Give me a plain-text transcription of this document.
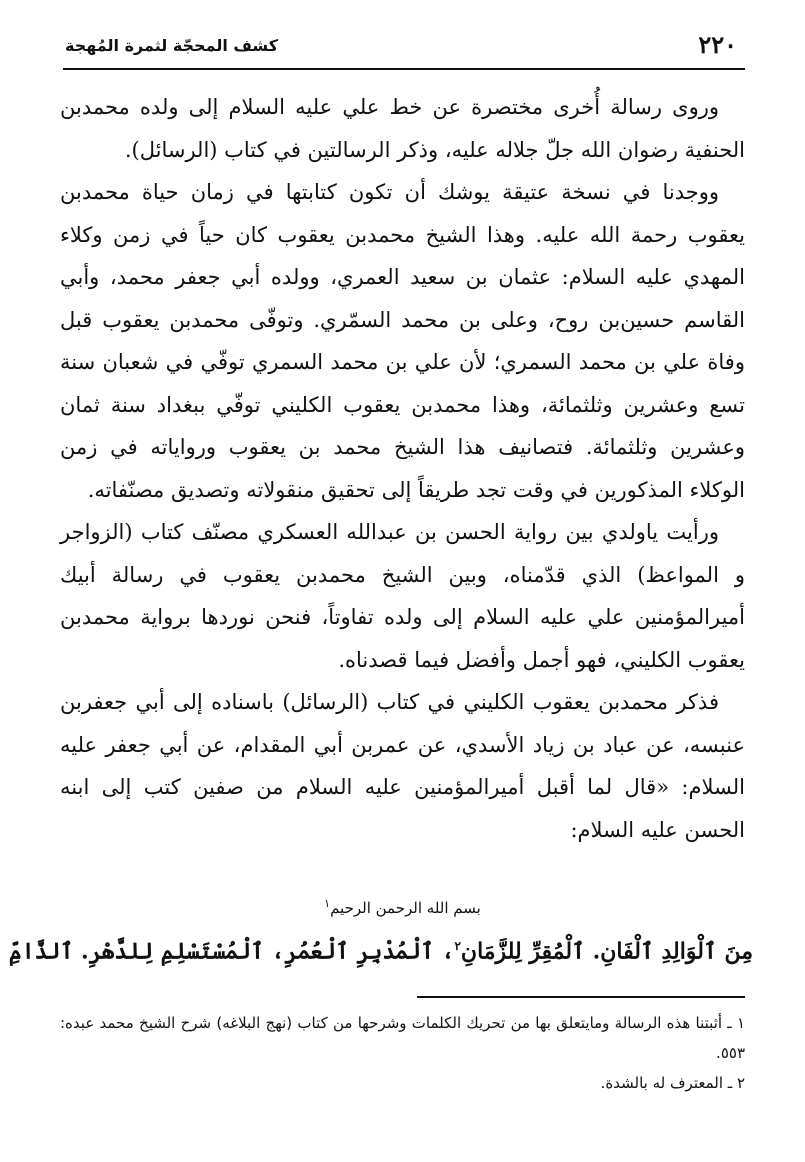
٢٢٠
كشف المحجّة لثمرة المُهجة

وروى رسالة أُخرى مختصرة عن خط علي عليه السلام إلى ولده محمدبن الحنفية رضوان الله جلّ جلاله عليه، وذكر الرسالتين في كتاب (الرسائل).

ووجدنا في نسخة عتيقة يوشك أن تكون كتابتها في زمان حياة محمدبن يعقوب رحمة الله عليه. وهذا الشيخ محمدبن يعقوب كان حياً في زمن وكلاء المهدي عليه السلام: عثمان بن سعيد العمري، وولده أبي جعفر محمد، وأبي القاسم حسين‌بن روح، وعلى بن محمد السمّري. وتوفّى محمدبن يعقوب قبل وفاة علي بن محمد السمري؛ لأن علي بن محمد السمري توفّي في شعبان سنة تسع وعشرين وثلثمائة، وهذا محمدبن يعقوب الكليني توفّي ببغداد سنة ثمان وعشرين وثلثمائة. فتصانيف هذا الشيخ محمد بن يعقوب ورواياته في زمن الوكلاء المذكورين في وقت تجد طريقاً إلى تحقيق منقولاته وتصديق مصنّفاته.

ورأيت ياولدي بين رواية الحسن بن عبدالله العسكري مصنّف كتاب (الزواجر و المواعظ) الذي قدّمناه، وبين الشيخ محمدبن يعقوب في رسالة أبيك أميرالمؤمنين علي عليه السلام إلى ولده تفاوتاً، فنحن نوردها برواية محمدبن يعقوب الكليني، فهو أجمل وأفضل فيما قصدناه.

فذكر محمدبن يعقوب الكليني في كتاب (الرسائل) باسناده إلى أبي جعفربن عنبسه، عن عباد بن زياد الأسدي، عن عمربن أبي المقدام، عن أبي جعفر عليه السلام: «قال لما أقبل أميرالمؤمنين عليه السلام من صفين كتب إلى ابنه الحسن عليه السلام:

بسم الله الرحمن الرحيم$^١$
مِنَ ٱلْوَالِدِ ٱلْفَانِ. ٱلْمُقِرِّ لِلزَّمَانِ$^٢$، ٱلْمُدْبِرِ ٱلْعُمُرِ، ٱلْمُسْتَسْلِمِ لِلدَّهْرِ. ٱلذَّامِّ

١ ـ أثبتنا هذه الرسالة ومايتعلق بها من تحريك الكلمات وشرحها من كتاب (نهج البلاغه) شرح الشيخ محمد عبده: ٥٥٣.

٢ ـ المعترف له بالشدة.
